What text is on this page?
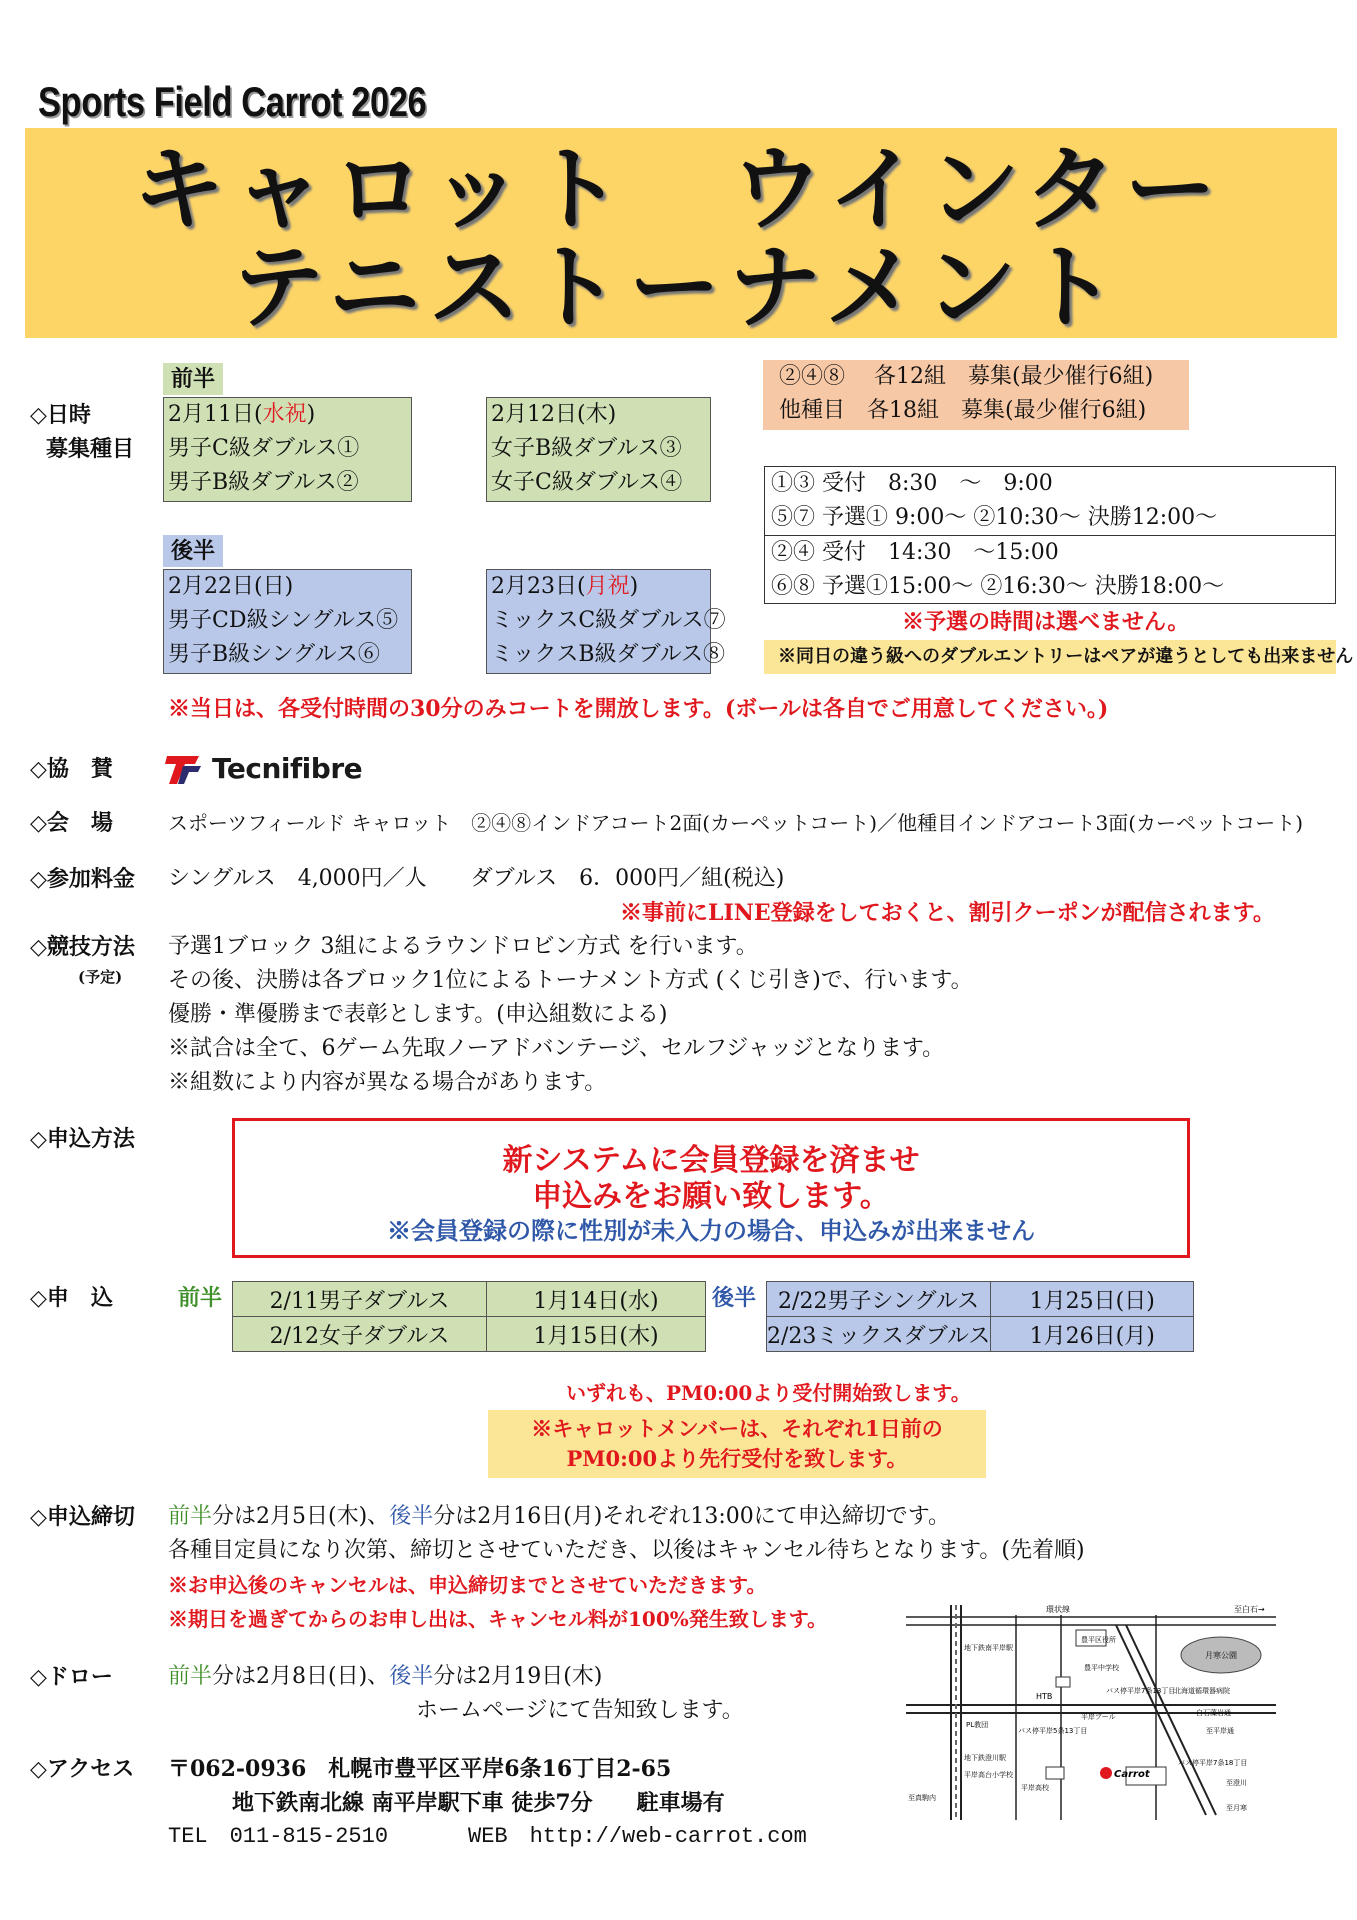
Sports Field Carrot 2026
キャロット　ウインター
テニストーナメント
◇日時
募集種目
前半
2月11日(水祝)
男子C級ダブルス①
男子B級ダブルス②
2月12日(木)
女子B級ダブルス③
女子C級ダブルス④
後半
2月22日(日)
男子CD級シングルス⑤
男子B級シングルス⑥
2月23日(月祝)
ミックスC級ダブルス⑦
ミックスB級ダブルス⑧
②④⑧　 各12組　募集(最少催行6組)
他種目　各18組　募集(最少催行6組)
①③ 受付　8:30　～　9:00
⑤⑦ 予選① 9:00～ ②10:30～ 決勝12:00～
②④ 受付　14:30　～15:00
⑥⑧ 予選①15:00～ ②16:30～ 決勝18:00～
※予選の時間は選べません。
※同日の違う級へのダブルエントリーはペアが違うとしても出来ません
※当日は、各受付時間の30分のみコートを開放します。(ボールは各自でご用意してください。)
◇協　賛	Tecnifibre
◇会　場	スポーツフィールド キャロット　②④⑧インドアコート2面(カーペットコート)／他種目インドアコート3面(カーペットコート)
◇参加料金 シングルス　4,000円／人　　ダブルス　6．000円／組(税込)
※事前にLINE登録をしておくと、割引クーポンが配信されます。
◇競技方法
(予定)
予選1ブロック 3組によるラウンドロビン方式 を行います。
その後、決勝は各ブロック1位によるトーナメント方式 (くじ引き)で、行います。
優勝・準優勝まで表彰とします。(申込組数による)
※試合は全て、6ゲーム先取ノーアドバンテージ、セルフジャッジとなります。
※組数により内容が異なる場合があります。
◇申込方法
新システムに会員登録を済ませ
申込みをお願い致します。
※会員登録の際に性別が未入力の場合、申込みが出来ません
◇申　込	前半 2/11男子ダブルス	1月14日(水)
2/12女子ダブルス	1月15日(木)
後半 2/22男子シングルス	1月25日(日)
2/23ミックスダブルス	1月26日(月)
いずれも、PM0:00より受付開始致します。
※キャロットメンバーは、それぞれ1日前の
PM0:00より先行受付を致します。
◇申込締切 前半分は2月5日(木)、後半分は2月16日(月)それぞれ13:00にて申込締切です。
各種目定員になり次第、締切とさせていただき、以後はキャンセル待ちとなります。(先着順)
※お申込後のキャンセルは、申込締切までとさせていただきます。
※期日を過ぎてからのお申し出は、キャンセル料が100%発生致します。
◇ドロー	前半分は2月8日(日)、後半分は2月19日(木)
ホームページにて告知致します。
◇アクセス 〒062-0936　札幌市豊平区平岸6条16丁目2-65
地下鉄南北線 南平岸駅下車 徒歩7分　　駐車場有
TEL　011-815-2510	WEB　http://web-carrot.com
月寒公園
至白石→
環状線
豊平区役所
豊平中学校
地下鉄南平岸駅
HTB
バス停平岸7条13丁目
北海道循環器病院
白石藻岩通
平岸プール
PL教団
バス停平岸5条13丁目
平岸高台小学校
平岸高校
地下鉄澄川駅
至真駒内
至平岸通
バス停平岸7条18丁目
至澄川
至月寒
Carrot
